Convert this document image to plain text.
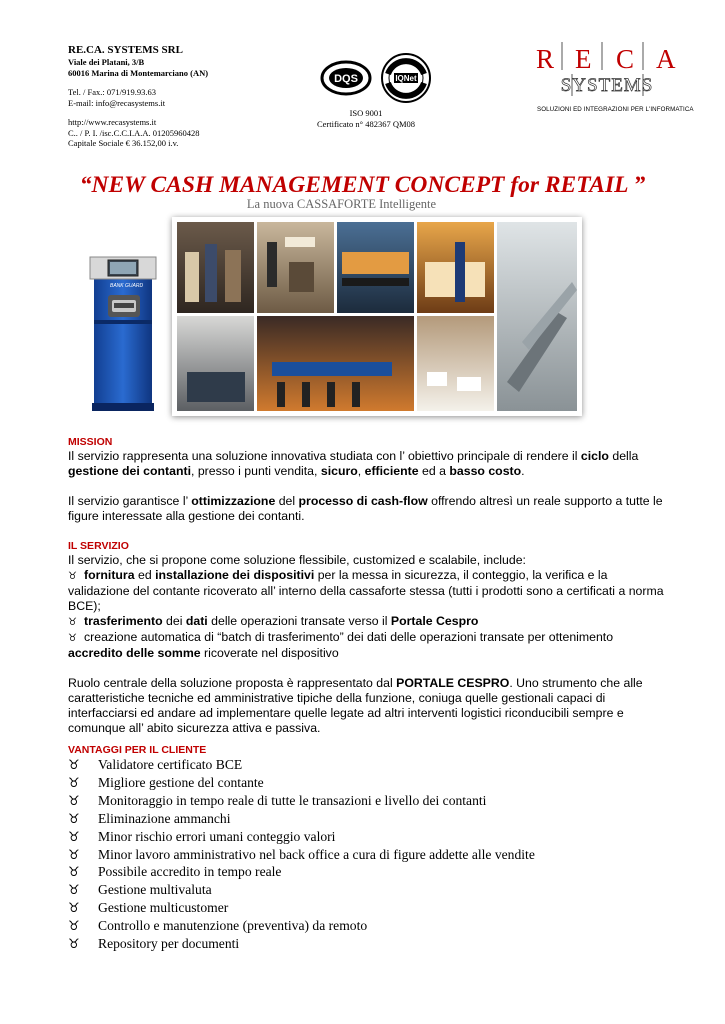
RE.CA. SYSTEMS SRL
Viale dei Platani, 3/B
60016 Marina di Montemarciano (AN)
Tel. / Fax.: 071/919.93.63
E-mail: info@recasystems.it
http://www.recasystems.it
C.. / P. I. /isc.C.C.I.A.A. 01205960428
Capitale Sociale € 36.152,00 i.v.
DQS	IQNet
ISO 9001
Certificato n° 482367 QM08
R E C A
SYSTEMS
SOLUZIONI ED INTEGRAZIONI PER L'INFORMATICA
“NEW CASH MANAGEMENT CONCEPT for RETAIL ”
La nuova CASSAFORTE Intelligente
BANK GUARD
MISSION
Il servizio rappresenta una soluzione innovativa studiata con l’ obiettivo principale di rendere il ciclo della gestione dei contanti, presso i punti vendita, sicuro, efficiente ed a basso costo.
Il servizio garantisce l’ ottimizzazione del processo di cash-flow offrendo altresì un reale supporto a tutte le figure interessate alla gestione dei contanti.
IL SERVIZIO
Il servizio, che si propone come soluzione flessibile, customized e scalabile, include:
♉ fornitura ed installazione dei dispositivi per la messa in sicurezza, il conteggio, la verifica e la validazione del contante ricoverato all’ interno della cassaforte stessa (tutti i prodotti sono a certificati a norma BCE);
♉ trasferimento dei dati delle operazioni transate verso il Portale Cespro
♉ creazione automatica di “batch di trasferimento” dei dati delle operazioni transate per ottenimento accredito delle somme ricoverate nel dispositivo
Ruolo centrale della soluzione proposta è rappresentato dal PORTALE CESPRO. Uno strumento che alle caratteristiche tecniche ed amministrative tipiche della funzione, coniuga quelle gestionali capaci di interfacciarsi ed andare ad implementare quelle legate ad altri interventi logistici riconducibili sempre e comunque all’ abito sicurezza attiva e passiva.
VANTAGGI PER IL CLIENTE
♉ Validatore certificato BCE
♉ Migliore gestione del contante
♉ Monitoraggio in tempo reale di tutte le transazioni e livello dei contanti
♉ Eliminazione ammanchi
♉ Minor rischio errori umani conteggio valori
♉ Minor lavoro amministrativo nel back office a cura di figure addette alle vendite
♉ Possibile accredito in tempo reale
♉ Gestione multivaluta
♉ Gestione multicustomer
♉ Controllo e manutenzione (preventiva) da remoto
♉ Repository per documenti
